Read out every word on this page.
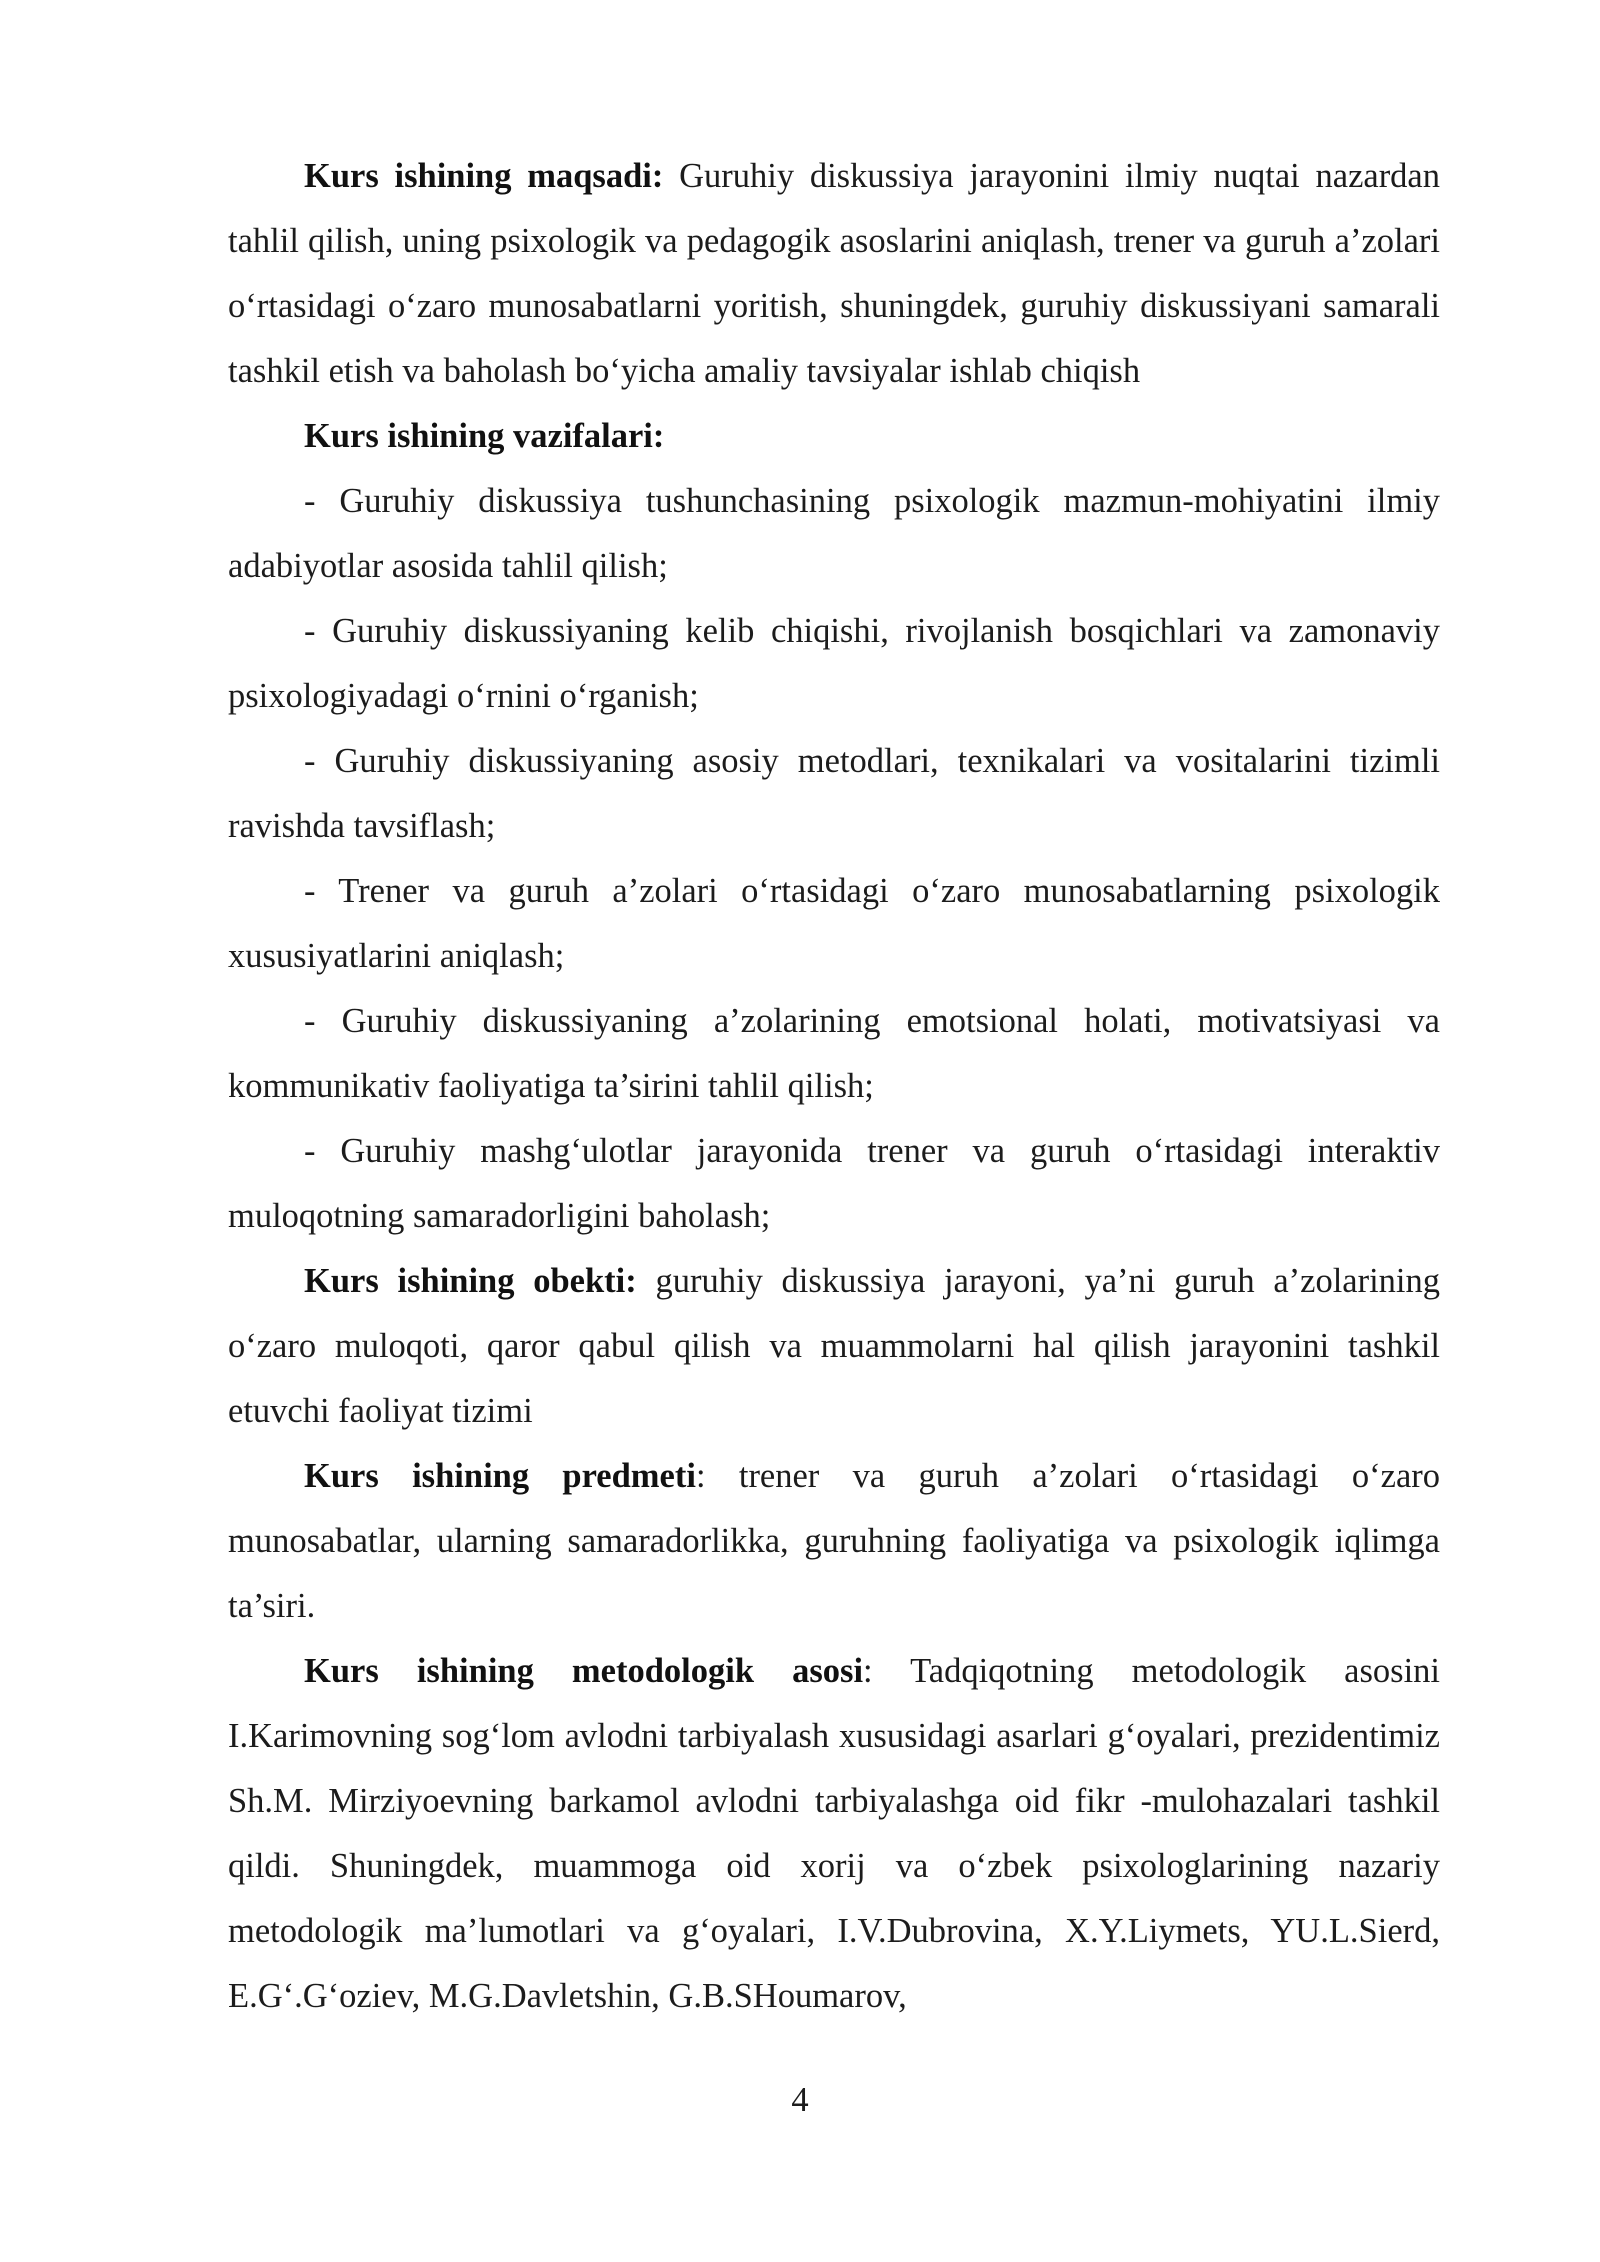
Kurs ishining maqsadi: Guruhiy diskussiya jarayonini ilmiy nuqtai nazardan tahlil qilish, uning psixologik va pedagogik asoslarini aniqlash, trener va guruh a’zolari o‘rtasidagi o‘zaro munosabatlarni yoritish, shuningdek, guruhiy diskussiyani samarali tashkil etish va baholash bo‘yicha amaliy tavsiyalar ishlab chiqish

Kurs ishining vazifalari:

- Guruhiy diskussiya tushunchasining psixologik mazmun-mohiyatini ilmiy adabiyotlar asosida tahlil qilish;

- Guruhiy diskussiyaning kelib chiqishi, rivojlanish bosqichlari va zamonaviy psixologiyadagi o‘rnini o‘rganish;

- Guruhiy diskussiyaning asosiy metodlari, texnikalari va vositalarini tizimli ravishda tavsiflash;

- Trener va guruh a’zolari o‘rtasidagi o‘zaro munosabatlarning psixologik xususiyatlarini aniqlash;

- Guruhiy diskussiyaning a’zolarining emotsional holati, motivatsiyasi va kommunikativ faoliyatiga ta’sirini tahlil qilish;

- Guruhiy mashg‘ulotlar jarayonida trener va guruh o‘rtasidagi interaktiv muloqotning samaradorligini baholash;

Kurs ishining obekti: guruhiy diskussiya jarayoni, ya’ni guruh a’zolarining o‘zaro muloqoti, qaror qabul qilish va muammolarni hal qilish jarayonini tashkil etuvchi faoliyat tizimi

Kurs ishining predmeti: trener va guruh a’zolari o‘rtasidagi o‘zaro munosabatlar, ularning samaradorlikka, guruhning faoliyatiga va psixologik iqlimga ta’siri.

Kurs ishining metodologik asosi: Tadqiqotning metodologik asosini I.Karimovning sog‘lom avlodni tarbiyalash xususidagi asarlari g‘oyalari, prezidentimiz Sh.M. Mirziyoevning barkamol avlodni tarbiyalashga oid fikr -mulohazalari tashkil qildi. Shuningdek, muammoga oid xorij va o‘zbek psixologlarining nazariy metodologik ma’lumotlari va g‘oyalari, I.V.Dubrovina, X.Y.Liymets, YU.L.Sierd, E.G‘.G‘oziev, M.G.Davletshin, G.B.SHoumarov,

4
